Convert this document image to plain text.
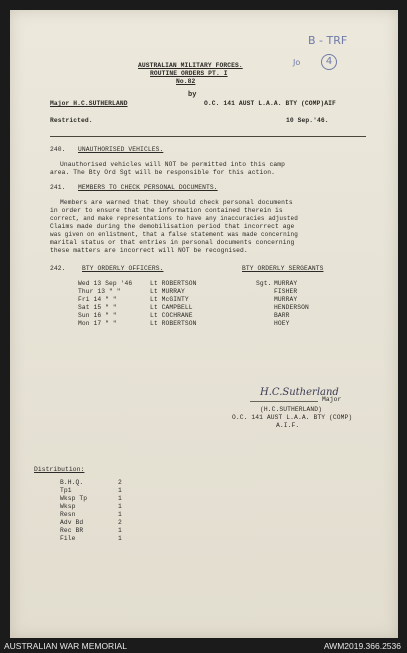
B - TRF
4
Jo
AUSTRALIAN MILITARY FORCES.
ROUTINE ORDERS PT. I
No.82
by
Major H.C.SUTHERLAND	O.C. 141 AUST L.A.A. BTY (COMP)AIF
Restricted.	10 Sep.'46.
240. UNAUTHORISED VEHICLES.
Unauthorised vehicles will NOT be permitted into this camp
area. The Bty Ord Sgt will be responsible for this action.
241. MEMBERS TO CHECK PERSONAL DOCUMENTS.
Members are warned that they should check personal documents
in order to ensure that the information contained therein is
correct, and make representations to have any inaccuracies adjusted
Claims made during the demobilisation period that incorrect age
was given on enlistment, that a false statement was made concerning
marital status or that entries in personal documents concerning
these matters are incorrect will NOT be recognised.
242.	BTY ORDERLY OFFICERS.	BTY ORDERLY SERGEANTS
Wed 13 Sep '46	Lt ROBERTSON	Sgt. MURRAY
Thur 13 " "	Lt MURRAY	FISHER
Fri 14 " "	Lt McGINTY	MURRAY
Sat 15 " "	Lt CAMPBELL	HENDERSON
Sun 16 " "	Lt COCHRANE	BARR
Mon 17 " "	Lt ROBERTSON	HOEY
H.C.Sutherland
Major
(H.C.SUTHERLAND)
O.C. 141 AUST L.A.A. BTY (COMP)
A.I.F.
Distribution:
B.H.Q.	2
Tp1	1
Wksp Tp	1
Wksp	1
Resn	1
Adv Bd	2
Rec BR	1
File	1
AUSTRALIAN WAR MEMORIAL	AWM2019.366.2536
